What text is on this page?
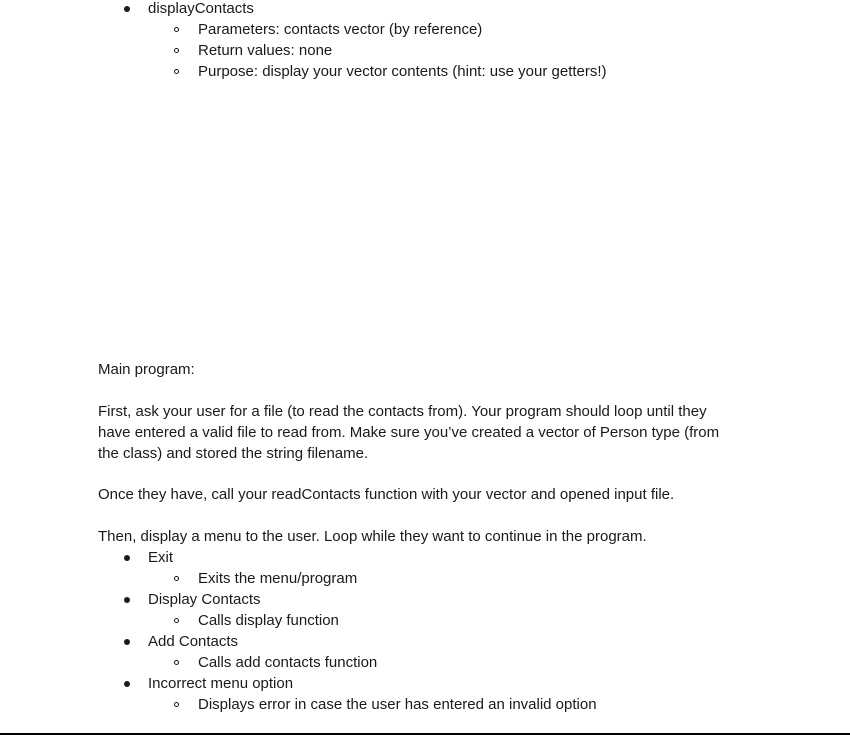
displayContacts
Parameters: contacts vector (by reference)
Return values: none
Purpose: display your vector contents (hint: use your getters!)
Main program:
First, ask your user for a file (to read the contacts from). Your program should loop until they
have entered a valid file to read from. Make sure you’ve created a vector of Person type (from
the class) and stored the string filename.
Once they have, call your readContacts function with your vector and opened input file.
Then, display a menu to the user. Loop while they want to continue in the program.
Exit
Exits the menu/program
Display Contacts
Calls display function
Add Contacts
Calls add contacts function
Incorrect menu option
Displays error in case the user has entered an invalid option
